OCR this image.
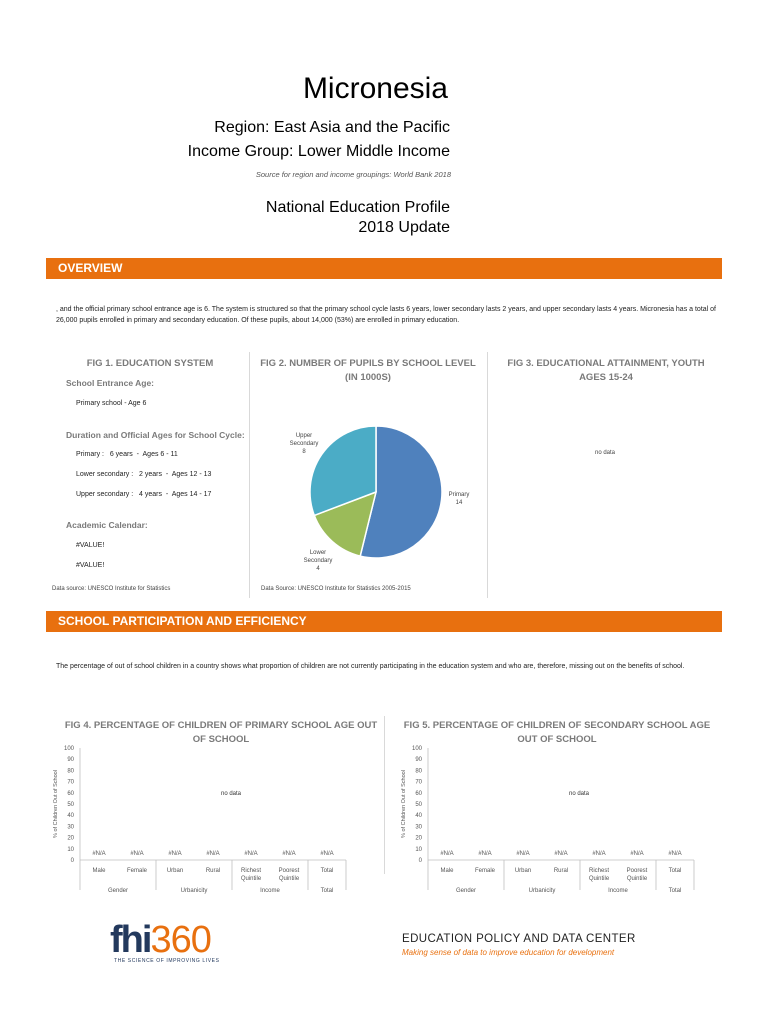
Micronesia
Region: East Asia and the Pacific
Income Group: Lower Middle Income
Source for region and income groupings: World Bank 2018
National Education Profile
2018 Update
OVERVIEW
, and the official primary school entrance age is 6. The system is structured so that the primary school cycle lasts 6 years, lower secondary lasts 2 years, and upper secondary lasts 4 years. Micronesia has a total of 26,000 pupils enrolled in primary and secondary education. Of these pupils, about 14,000 (53%) are enrolled in primary education.
FIG 1. EDUCATION SYSTEM
School Entrance Age:
Primary school - Age 6
Duration and Official Ages for School Cycle:
Primary :   6 years  -  Ages 6 - 11
Lower secondary :   2 years  -  Ages 12 - 13
Upper secondary :   4 years  -  Ages 14 - 17
Academic Calendar:
#VALUE!
#VALUE!
Data source: UNESCO Institute for Statistics
FIG 2. NUMBER OF PUPILS BY SCHOOL LEVEL
(IN 1000S)
Primary
14
Lower
Secondary
4
Upper
Secondary
8
Data Source: UNESCO Institute for Statistics 2005-2015
FIG 3. EDUCATIONAL ATTAINMENT, YOUTH
AGES 15-24
no data
SCHOOL PARTICIPATION AND EFFICIENCY
The percentage of out of school children in a country shows what proportion of children are not currently participating in the education system and who are, therefore, missing out on the benefits of school.
FIG 4. PERCENTAGE OF CHILDREN OF PRIMARY SCHOOL AGE OUT
OF SCHOOL
0
10
20
30
40
50
60
70
80
90
100
% of Children Out of School
#N/A
Male
#N/A
Female
#N/A
Urban
#N/A
Rural
#N/A
Richest
Quintile
#N/A
Poorest
Quintile
#N/A
Total
Gender	Urbanicity	Income	Total
no data
FIG 5. PERCENTAGE OF CHILDREN OF SECONDARY SCHOOL AGE
OUT OF SCHOOL
0
10
20
30
40
50
60
70
80
90
100
% of Children Out of School
#N/A
Male
#N/A
Female
#N/A
Urban
#N/A
Rural
#N/A
Richest
Quintile
#N/A
Poorest
Quintile
#N/A
Total
Gender	Urbanicity	Income	Total
no data
fhi360
THE SCIENCE OF IMPROVING LIVES
EDUCATION POLICY AND DATA CENTER
Making sense of data to improve education for development
